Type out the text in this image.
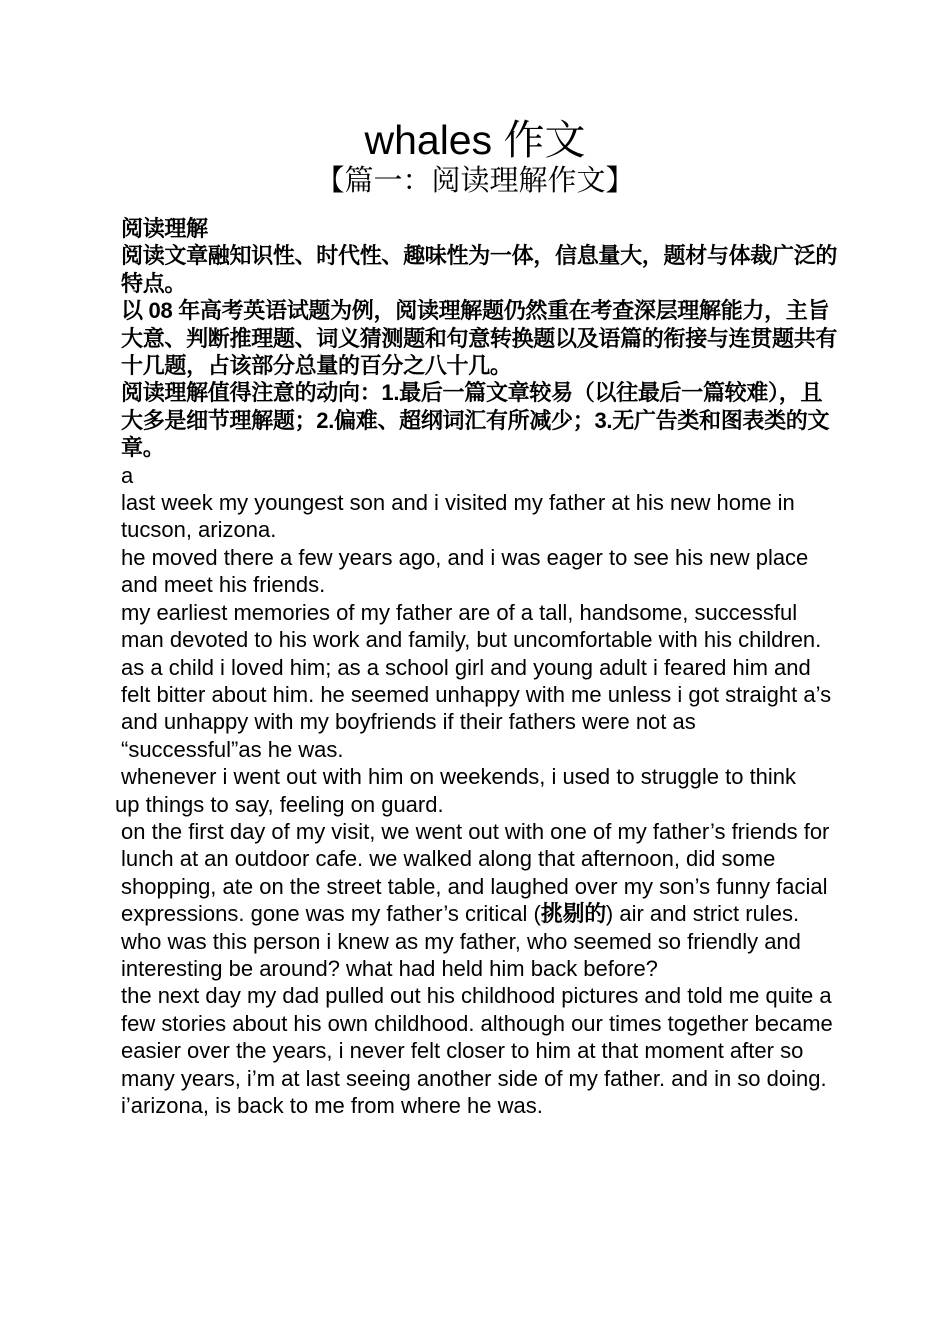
whales 作文
【篇一：阅读理解作文】

阅读理解

阅读文章融知识性、时代性、趣味性为一体，信息量大，题材与体裁广泛的特点。

以 08 年高考英语试题为例，阅读理解题仍然重在考查深层理解能力，主旨大意、判断推理题、词义猜测题和句意转换题以及语篇的衔接与连贯题共有十几题，占该部分总量的百分之八十几。

阅读理解值得注意的动向：1.最后一篇文章较易（以往最后一篇较难），且大多是细节理解题；2.偏难、超纲词汇有所减少；3.无广告类和图表类的文章。

a

last week my youngest son and i visited my father at his new home in tucson, arizona.

he moved there a few years ago, and i was eager to see his new place and meet his friends.

my earliest memories of my father are of a tall, handsome, successful man devoted to his work and family, but uncomfortable with his children. as a child i loved him; as a school girl and young adult i feared him and felt bitter about him. he seemed unhappy with me unless i got straight a’s and unhappy with my boyfriends if their fathers were not as “successful”as he was.

whenever i went out with him on weekends, i used to struggle to think

up things to say, feeling on guard.

on the first day of my visit, we went out with one of my father’s friends for lunch at an outdoor cafe. we walked along that afternoon, did some shopping, ate on the street table, and laughed over my son’s funny facial expressions. gone was my father’s critical (挑剔的) air and strict rules. who was this person i knew as my father, who seemed so friendly and interesting be around? what had held him back before?

the next day my dad pulled out his childhood pictures and told me quite a few stories about his own childhood. although our times together became easier over the years, i never felt closer to him at that moment after so many years, i’m at last seeing another side of my father. and in so doing. i’arizona, is back to me from where he was.
